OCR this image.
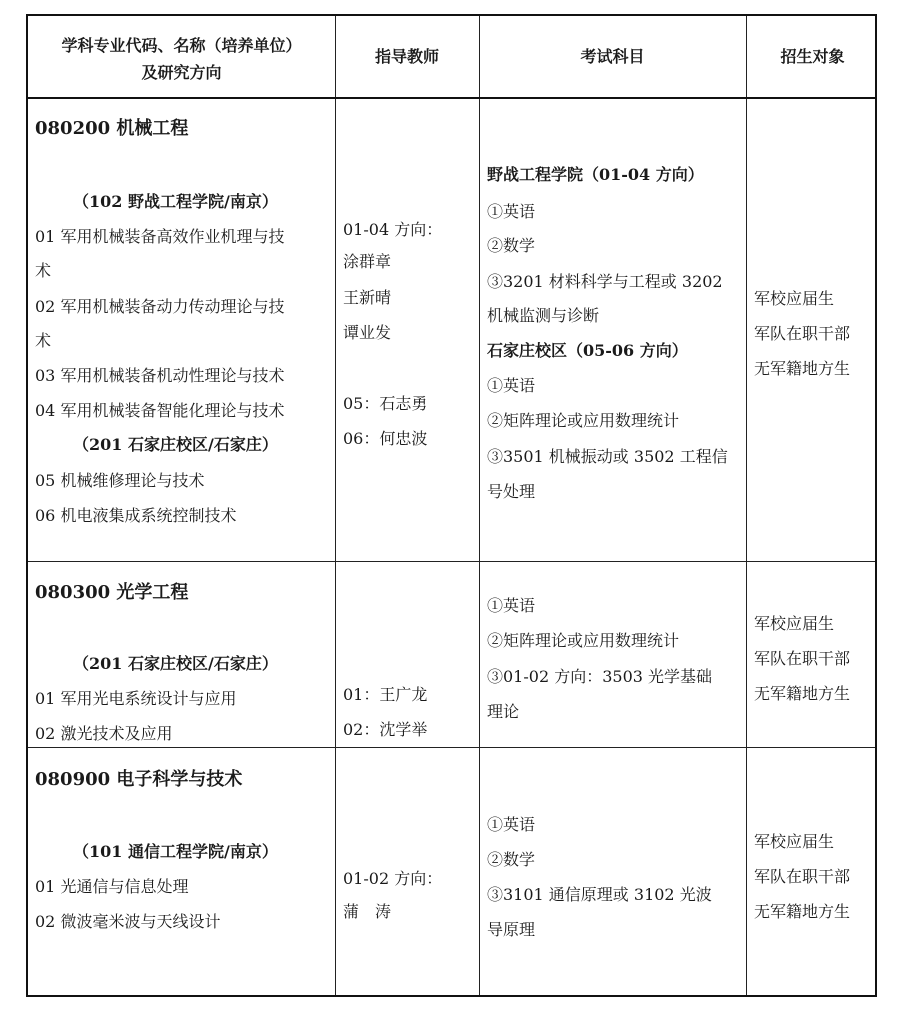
学科专业代码、名称（培养单位）
及研究方向
指导教师	考试科目	招生对象
080200 机械工程
（102 野战工程学院/南京）
01 军用机械装备高效作业机理与技
术
02 军用机械装备动力传动理论与技
术
03 军用机械装备机动性理论与技术
04 军用机械装备智能化理论与技术
（201 石家庄校区/石家庄）
05 机械维修理论与技术
06 机电液集成系统控制技术
01-04 方向：
涂群章
王新晴
谭业发
05：石志勇
06：何忠波
野战工程学院（01-04 方向）
①英语
②数学
③3201 材料科学与工程或 3202
机械监测与诊断
石家庄校区（05-06 方向）
①英语
②矩阵理论或应用数理统计
③3501 机械振动或 3502 工程信
号处理
军校应届生
军队在职干部
无军籍地方生
080300 光学工程
（201 石家庄校区/石家庄）
01 军用光电系统设计与应用
02 激光技术及应用
01：王广龙
02：沈学举
①英语
②矩阵理论或应用数理统计
③01-02 方向：3503 光学基础
理论
军校应届生
军队在职干部
无军籍地方生
080900 电子科学与技术
（101 通信工程学院/南京）
01 光通信与信息处理
02 微波毫米波与天线设计
01-02 方向：
蒲　涛
①英语
②数学
③3101 通信原理或 3102 光波
导原理
军校应届生
军队在职干部
无军籍地方生
